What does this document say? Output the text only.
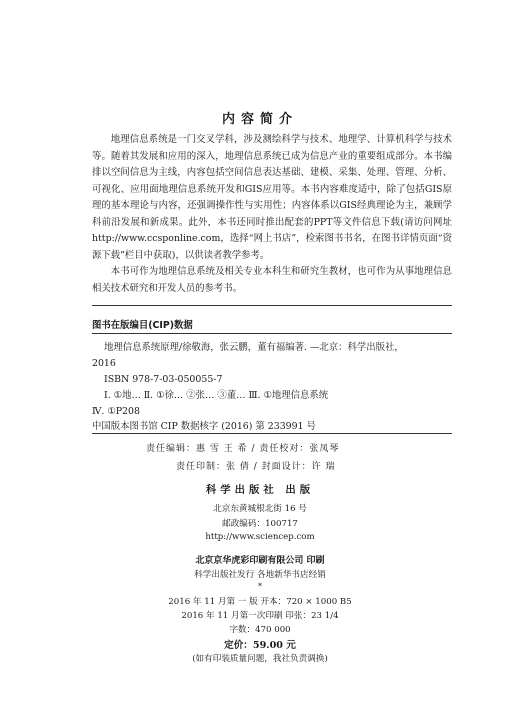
内容简介

地理信息系统是一门交叉学科，涉及测绘科学与技术、地理学、计算机科学与技术等。随着其发展和应用的深入，地理信息系统已成为信息产业的重要组成部分。本书编排以空间信息为主线，内容包括空间信息表达基础、建模、采集、处理、管理、分析、可视化、应用面地理信息系统开发和GIS应用等。本书内容难度适中，除了包括GIS原理的基本理论与内容，还强调操作性与实用性；内容体系以GIS经典理论为主，兼顾学科前沿发展和新成果。此外，本书还同时推出配套的PPT等文件信息下载(请访问网址http://www.ccsponline.com，选择“网上书店”，检索图书书名，在图书详情页面“资源下载”栏目中获取)，以供读者教学参考。

本书可作为地理信息系统及相关专业本科生和研究生教材，也可作为从事地理信息相关技术研究和开发人员的参考书。

图书在版编目(CIP)数据
地理信息系统原理/徐敬海，张云鹏，董有福编著. —北京：科学出版社，
2016
ISBN 978-7-03-050055-7
Ⅰ. ①地… Ⅱ. ①徐… ②张… ③董… Ⅲ. ①地理信息系统
Ⅳ. ①P208
中国版本图书馆 CIP 数据核字 (2016) 第 233991 号
责任编辑：惠 雪 王 希 / 责任校对：张凤琴
责任印制：张 倩 / 封面设计：许 瑞
科学出版社 出版
北京东黄城根北街 16 号
邮政编码：100717
http://www.sciencep.com
北京京华虎彩印刷有限公司 印刷
科学出版社发行 各地新华书店经销
*
2016 年 11 月第 一 版 开本：720 × 1000 B5
2016 年 11 月第一次印刷 印张：23 1/4
字数：470 000
定价：59.00 元
(如有印装质量问题，我社负责调换)
